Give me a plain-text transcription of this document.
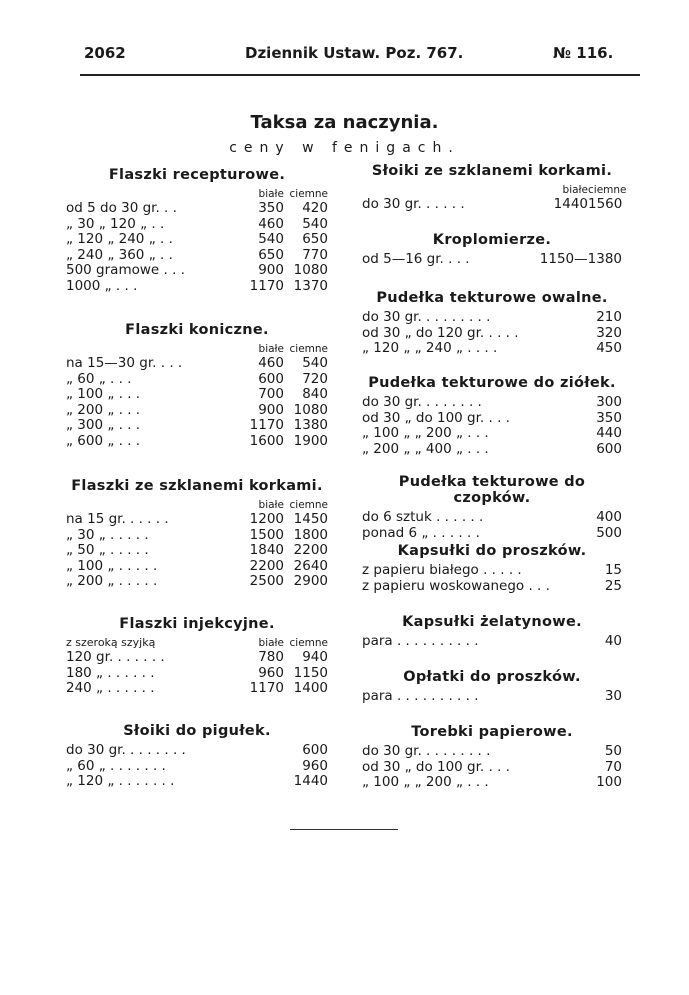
2062	Dziennik Ustaw. Poz. 767.	№ 116.
Taksa za naczynia.
ceny w fenigach.
Flaszki recepturowe.
białe ciemne
od 5 do 30 gr. . .	350	420
„ 30 „ 120 „ . .	460	540
„ 120 „ 240 „ . .	540	650
„ 240 „ 360 „ . .	650	770
500 gramowe . . .	900 1080
1000 „ . . .	1170 1370
Flaszki koniczne.
białe ciemne
na 15—30 gr. . . .	460	540
„ 60 „ . . .	600	720
„ 100 „ . . .	700	840
„ 200 „ . . .	900 1080
„ 300 „ . . .	1170 1380
„ 600 „ . . .	1600 1900
Flaszki ze szklanemi korkami.
białe ciemne
na 15 gr. . . . . .	1200 1450
„ 30 „ . . . . .	1500 1800
„ 50 „ . . . . .	1840 2200
„ 100 „ . . . . .	2200 2640
„ 200 „ . . . . .	2500 2900
Flaszki injekcyjne.
z szeroką szyjką	białe ciemne
120 gr. . . . . . .	780	940
180 „ . . . . . .	960 1150
240 „ . . . . . .	1170 1400
Słoiki do pigułek.
do 30 gr. . . . . . . .	600
„ 60 „ . . . . . . .	960
„ 120 „ . . . . . . .	1440
Słoiki ze szklanemi korkami.
białe ciemne
do 30 gr. . . . . .	1440 1560
Kroplomierze.
od 5—16 gr. . . .	1150—1380
Pudełka tekturowe owalne.
do 30 gr. . . . . . . . .	210
od 30 „ do 120 gr. . . . .	320
„ 120 „ „ 240 „ . . . .	450
Pudełka tekturowe do ziółek.
do 30 gr. . . . . . . .	300
od 30 „ do 100 gr. . . .	350
„ 100 „ „ 200 „ . . .	440
„ 200 „ „ 400 „ . . .	600
Pudełka tekturowe do czopków.
do 6 sztuk . . . . . .	400
ponad 6 „ . . . . . .	500
Kapsułki do proszków.
z papieru białego . . . . .	15
z papieru woskowanego . . .	25
Kapsułki żelatynowe.
para . . . . . . . . . .	40
Opłatki do proszków.
para . . . . . . . . . .	30
Torebki papierowe.
do 30 gr. . . . . . . . .	50
od 30 „ do 100 gr. . . .	70
„ 100 „ „ 200 „ . . .	100
